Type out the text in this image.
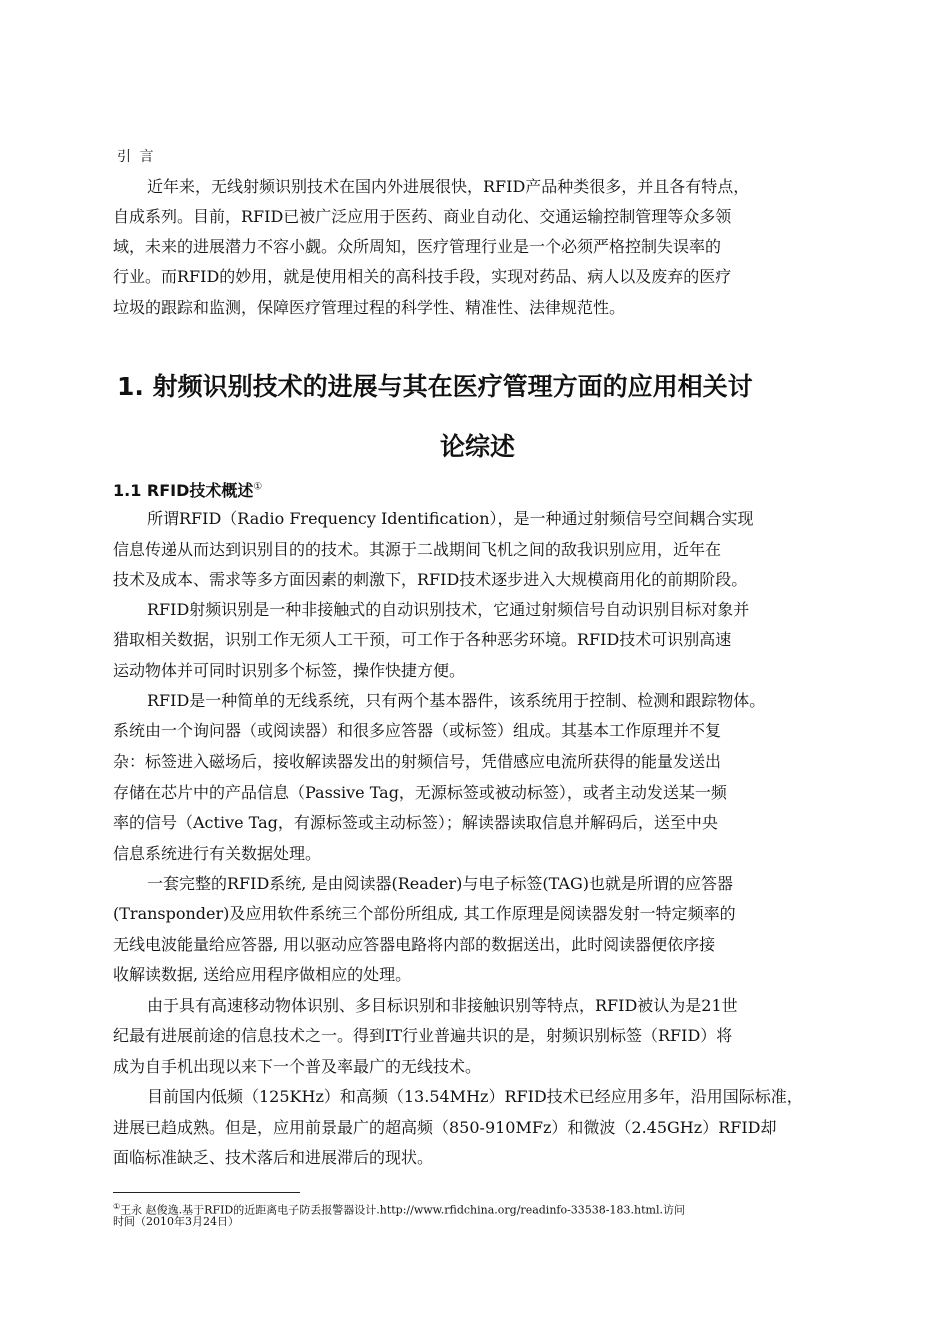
引 言
近年来，无线射频识别技术在国内外进展很快，RFID产品种类很多，并且各有特点，
自成系列。目前，RFID已被广泛应用于医药、商业自动化、交通运输控制管理等众多领
域，未来的进展潜力不容小觑。众所周知，医疗管理行业是一个必须严格控制失误率的
行业。而RFID的妙用，就是使用相关的高科技手段，实现对药品、病人以及废弃的医疗
垃圾的跟踪和监测，保障医疗管理过程的科学性、精准性、法律规范性。
1. 射频识别技术的进展与其在医疗管理方面的应用相关讨
论综述
1.1 RFID技术概述①
所谓RFID（Radio Frequency Identification），是一种通过射频信号空间耦合实现
信息传递从而达到识别目的的技术。其源于二战期间飞机之间的敌我识别应用，近年在
技术及成本、需求等多方面因素的刺激下，RFID技术逐步进入大规模商用化的前期阶段。
RFID射频识别是一种非接触式的自动识别技术，它通过射频信号自动识别目标对象并
猎取相关数据，识别工作无须人工干预，可工作于各种恶劣环境。RFID技术可识别高速
运动物体并可同时识别多个标签，操作快捷方便。
RFID是一种简单的无线系统，只有两个基本器件，该系统用于控制、检测和跟踪物体。
系统由一个询问器（或阅读器）和很多应答器（或标签）组成。其基本工作原理并不复
杂：标签进入磁场后，接收解读器发出的射频信号，凭借感应电流所获得的能量发送出
存储在芯片中的产品信息（Passive Tag，无源标签或被动标签），或者主动发送某一频
率的信号（Active Tag，有源标签或主动标签）；解读器读取信息并解码后，送至中央
信息系统进行有关数据处理。
一套完整的RFID系统, 是由阅读器(Reader)与电子标签(TAG)也就是所谓的应答器
(Transponder)及应用软件系统三个部份所组成, 其工作原理是阅读器发射一特定频率的
无线电波能量给应答器, 用以驱动应答器电路将内部的数据送出，此时阅读器便依序接
收解读数据, 送给应用程序做相应的处理。
由于具有高速移动物体识别、多目标识别和非接触识别等特点，RFID被认为是21世
纪最有进展前途的信息技术之一。得到IT行业普遍共识的是，射频识别标签（RFID）将
成为自手机出现以来下一个普及率最广的无线技术。
目前国内低频（125KHz）和高频（13.54MHz）RFID技术已经应用多年，沿用国际标准，
进展已趋成熟。但是，应用前景最广的超高频（850-910MFz）和微波（2.45GHz）RFID却
面临标准缺乏、技术落后和进展滞后的现状。
①王永 赵俊逸.基于RFID的近距离电子防丢报警器设计.http://www.rfidchina.org/readinfo-33538-183.html.访问
时间（2010年3月24日）
